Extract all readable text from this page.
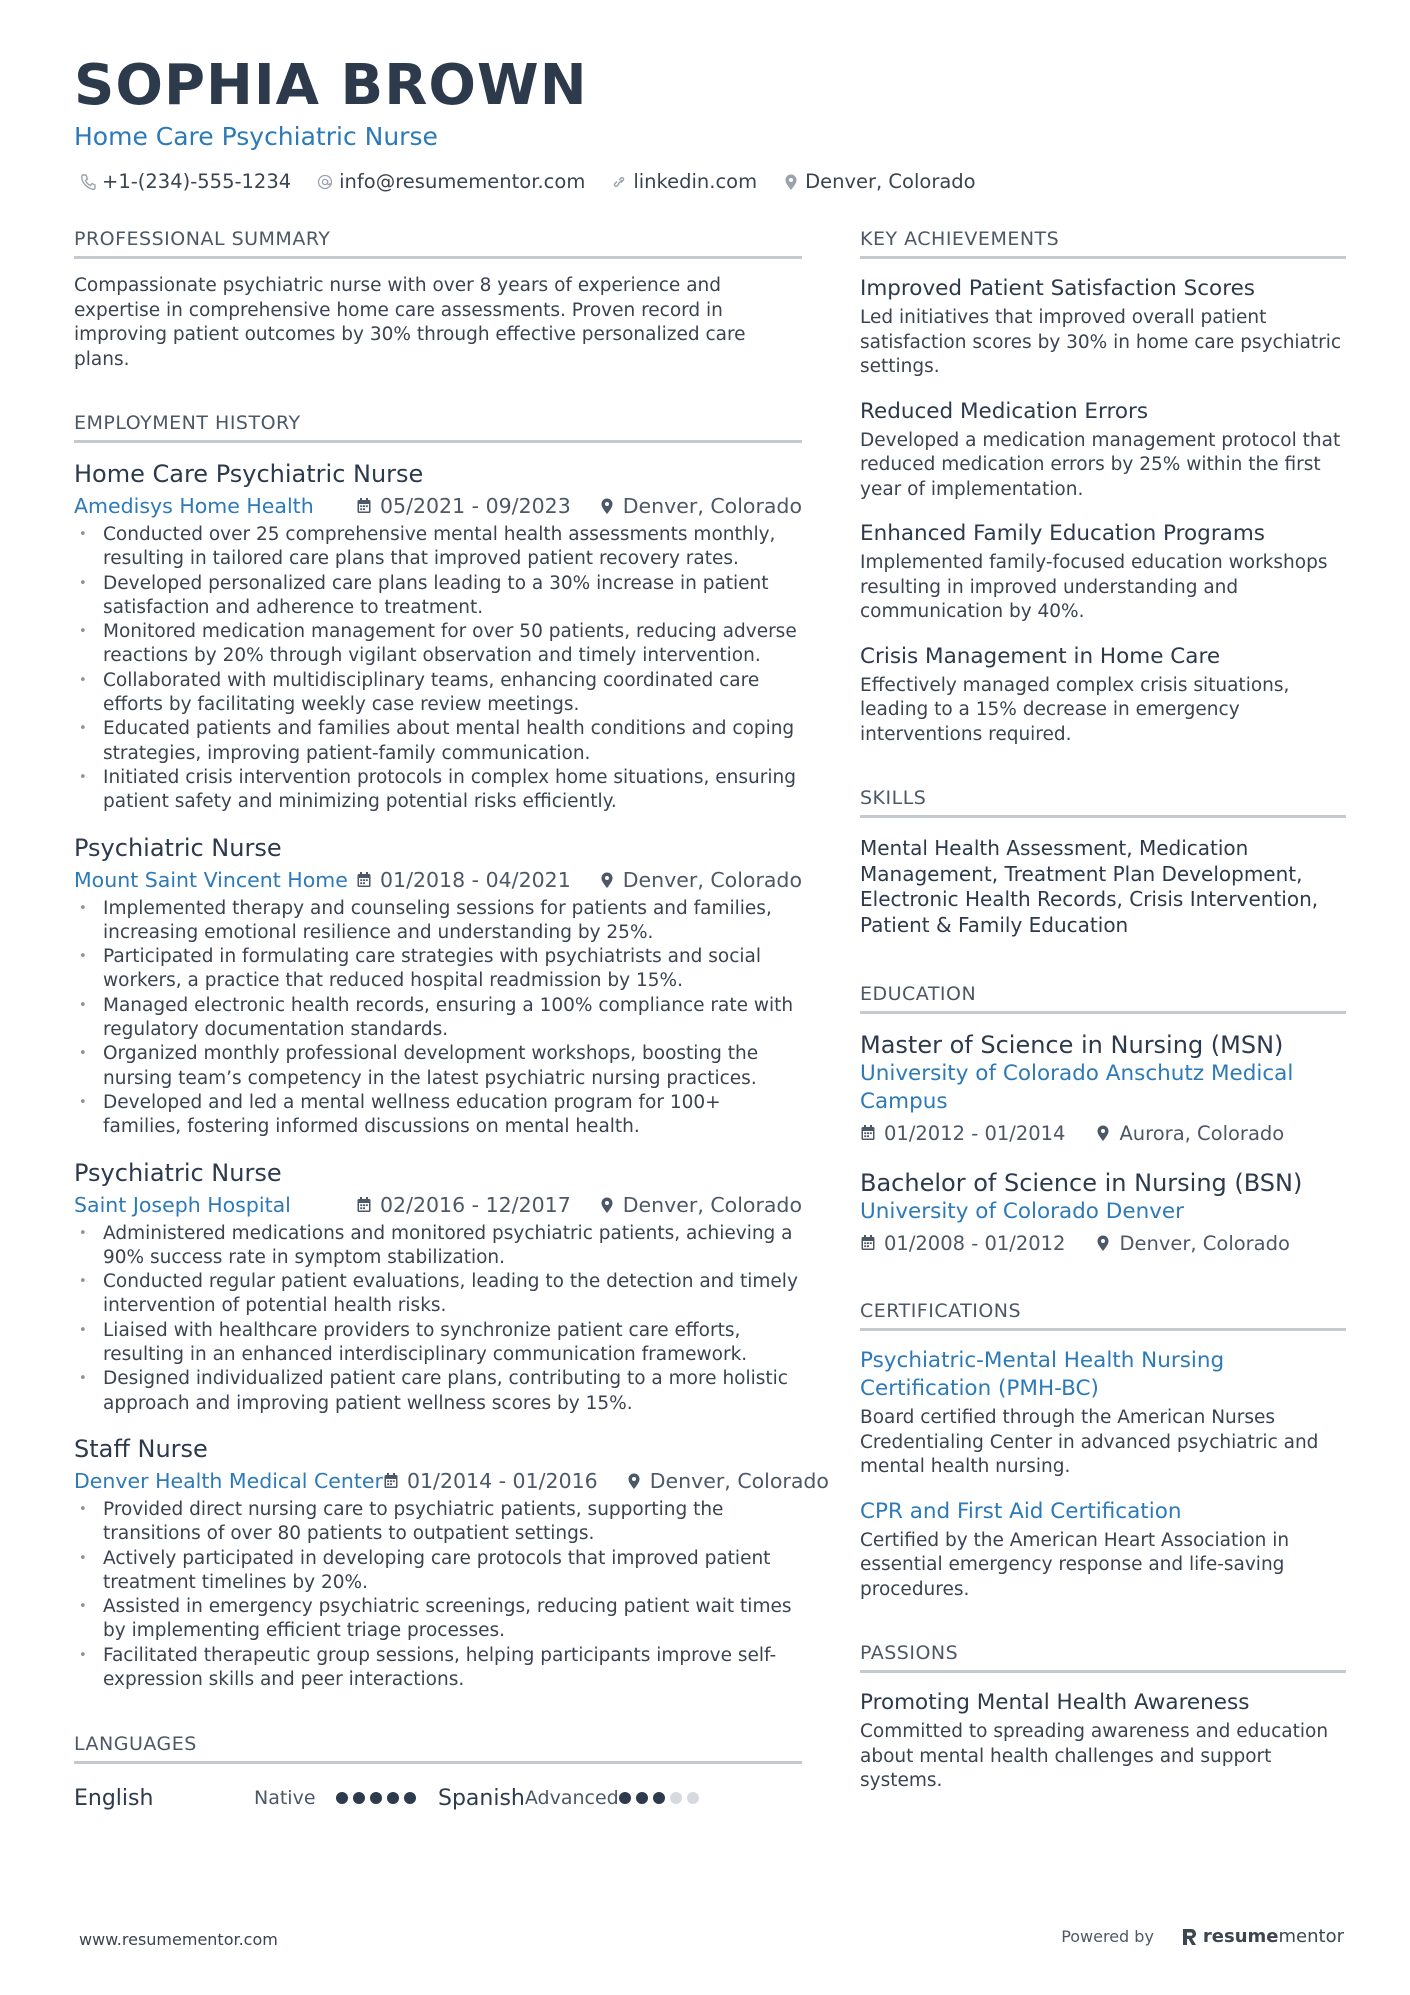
SOPHIA BROWN
Home Care Psychiatric Nurse
+1-(234)-555-1234 info@resumementor.com linkedin.com Denver, Colorado
PROFESSIONAL SUMMARY
Compassionate psychiatric nurse with over 8 years of experience and expertise in comprehensive home care assessments. Proven record in improving patient outcomes by 30% through effective personalized care plans.
EMPLOYMENT HISTORY
Home Care Psychiatric Nurse
Amedisys Home Health	05/2021 - 09/2023	Denver, Colorado
• Conducted over 25 comprehensive mental health assessments monthly, resulting in tailored care plans that improved patient recovery rates.
• Developed personalized care plans leading to a 30% increase in patient satisfaction and adherence to treatment.
• Monitored medication management for over 50 patients, reducing adverse reactions by 20% through vigilant observation and timely intervention.
• Collaborated with multidisciplinary teams, enhancing coordinated care efforts by facilitating weekly case review meetings.
• Educated patients and families about mental health conditions and coping strategies, improving patient-family communication.
• Initiated crisis intervention protocols in complex home situations, ensuring patient safety and minimizing potential risks efficiently.
Psychiatric Nurse
Mount Saint Vincent Home	01/2018 - 04/2021	Denver, Colorado
• Implemented therapy and counseling sessions for patients and families, increasing emotional resilience and understanding by 25%.
• Participated in formulating care strategies with psychiatrists and social workers, a practice that reduced hospital readmission by 15%.
• Managed electronic health records, ensuring a 100% compliance rate with regulatory documentation standards.
• Organized monthly professional development workshops, boosting the nursing team’s competency in the latest psychiatric nursing practices.
• Developed and led a mental wellness education program for 100+ families, fostering informed discussions on mental health.
Psychiatric Nurse
Saint Joseph Hospital	02/2016 - 12/2017	Denver, Colorado
• Administered medications and monitored psychiatric patients, achieving a 90% success rate in symptom stabilization.
• Conducted regular patient evaluations, leading to the detection and timely intervention of potential health risks.
• Liaised with healthcare providers to synchronize patient care efforts, resulting in an enhanced interdisciplinary communication framework.
• Designed individualized patient care plans, contributing to a more holistic approach and improving patient wellness scores by 15%.
Staff Nurse
Denver Health Medical Center 01/2014 - 01/2016	Denver, Colorado
• Provided direct nursing care to psychiatric patients, supporting the transitions of over 80 patients to outpatient settings.
• Actively participated in developing care protocols that improved patient treatment timelines by 20%.
• Assisted in emergency psychiatric screenings, reducing patient wait times by implementing efficient triage processes.
• Facilitated therapeutic group sessions, helping participants improve self-expression skills and peer interactions.
LANGUAGES
English	Native	Spanish Advanced
KEY ACHIEVEMENTS
Improved Patient Satisfaction Scores
Led initiatives that improved overall patient satisfaction scores by 30% in home care psychiatric settings.
Reduced Medication Errors
Developed a medication management protocol that reduced medication errors by 25% within the first year of implementation.
Enhanced Family Education Programs
Implemented family-focused education workshops resulting in improved understanding and communication by 40%.
Crisis Management in Home Care
Effectively managed complex crisis situations, leading to a 15% decrease in emergency interventions required.
SKILLS
Mental Health Assessment, Medication Management, Treatment Plan Development, Electronic Health Records, Crisis Intervention, Patient & Family Education
EDUCATION
Master of Science in Nursing (MSN)
University of Colorado Anschutz Medical Campus
01/2012 - 01/2014	Aurora, Colorado
Bachelor of Science in Nursing (BSN)
University of Colorado Denver
01/2008 - 01/2012	Denver, Colorado
CERTIFICATIONS
Psychiatric-Mental Health Nursing Certification (PMH-BC)
Board certified through the American Nurses Credentialing Center in advanced psychiatric and mental health nursing.
CPR and First Aid Certification
Certified by the American Heart Association in essential emergency response and life-saving procedures.
PASSIONS
Promoting Mental Health Awareness
Committed to spreading awareness and education about mental health challenges and support systems.
www.resumementor.com	Powered by	resumementor
